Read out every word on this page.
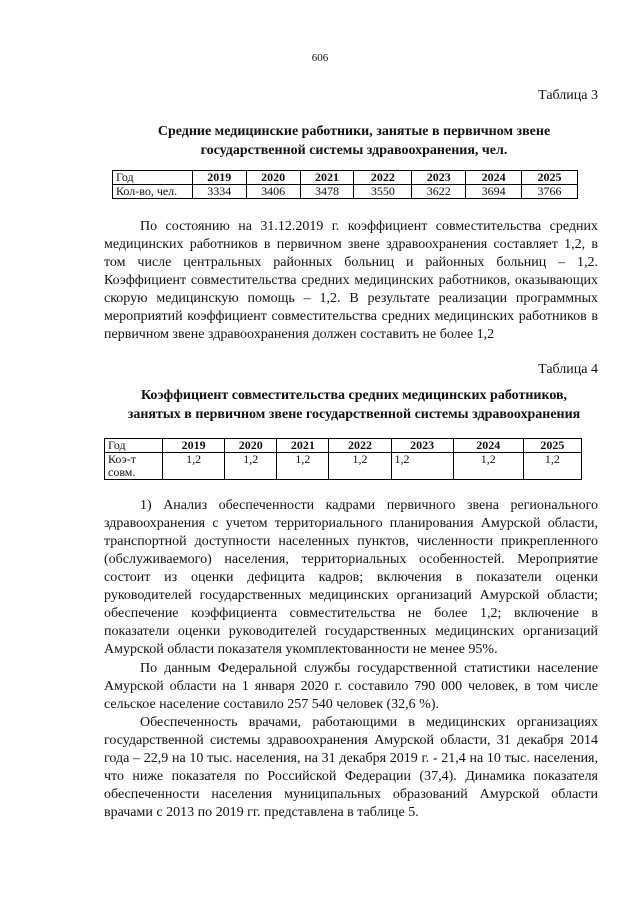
606
Таблица 3
Средние медицинские работники, занятые в первичном звене
государственной системы здравоохранения, чел.
Год	2019	2020	2021	2022	2023	2024	2025
Кол-во, чел.	3334	3406	3478	3550	3622	3694	3766

По состоянию на 31.12.2019 г. коэффициент совместительства средних медицинских работников в первичном звене здравоохранения составляет 1,2, в том числе центральных районных больниц и районных больниц – 1,2. Коэффициент совместительства средних медицинских работников, оказывающих скорую медицинскую помощь – 1,2. В результате реализации программных мероприятий коэффициент совместительства средних медицинских работников в первичном звене здравоохранения должен составить не более 1,2

Таблица 4
Коэффициент совместительства средних медицинских работников,
занятых в первичном звене государственной системы здравоохранения
Год	2019	2020	2021	2022	2023	2024	2025

Коэ-т
совм.	1,2	1,2	1,2	1,2	1,2	1,2	1,2

1) Анализ обеспеченности кадрами первичного звена регионального здравоохранения с учетом территориального планирования Амурской области, транспортной доступности населенных пунктов, численности прикрепленного (обслуживаемого) населения, территориальных особенностей. Мероприятие состоит из оценки дефицита кадров; включения в показатели оценки руководителей государственных медицинских организаций Амурской области; обеспечение коэффициента совместительства не более 1,2; включение в показатели оценки руководителей государственных медицинских организаций Амурской области показателя укомплектованности не менее 95%.

По данным Федеральной службы государственной статистики население Амурской области на 1 января 2020 г. составило 790 000 человек, в том числе сельское население составило 257 540 человек (32,6 %).

Обеспеченность врачами, работающими в медицинских организациях государственной системы здравоохранения Амурской области, 31 декабря 2014 года – 22,9 на 10 тыс. населения, на 31 декабря 2019 г. - 21,4 на 10 тыс. населения, что ниже показателя по Российской Федерации (37,4). Динамика показателя обеспеченности населения муниципальных образований Амурской области врачами с 2013 по 2019 гг. представлена в таблице 5.
